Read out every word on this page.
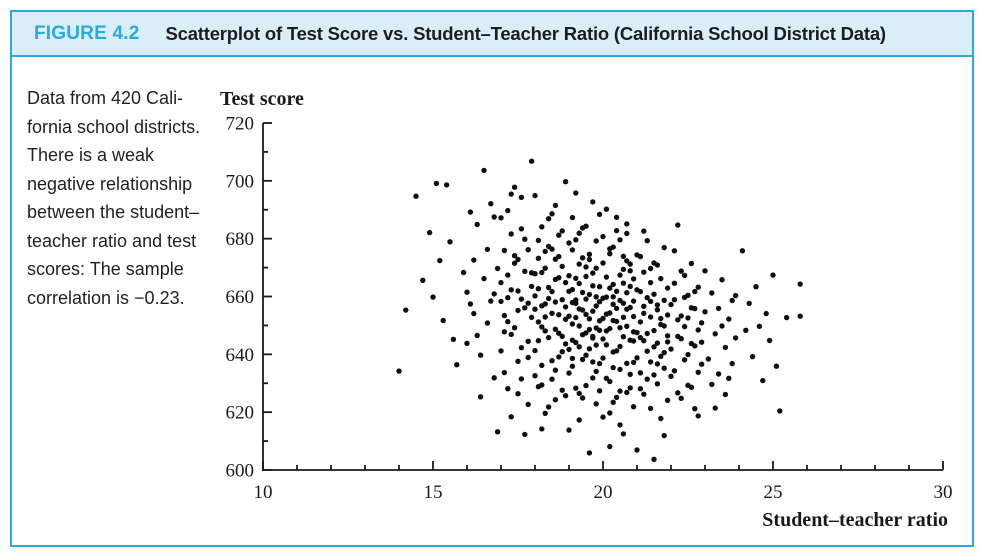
FIGURE 4.2 Scatterplot of Test Score vs. Student–Teacher Ratio (California School District Data)
Data from 420 Cali-
fornia school districts.
There is a weak
negative relationship
between the student–
teacher ratio and test
scores: The sample
correlation is −0.23.
600
620
640
660
680
700
720
10	15	20	25	30
Test score
Student–teacher ratio
